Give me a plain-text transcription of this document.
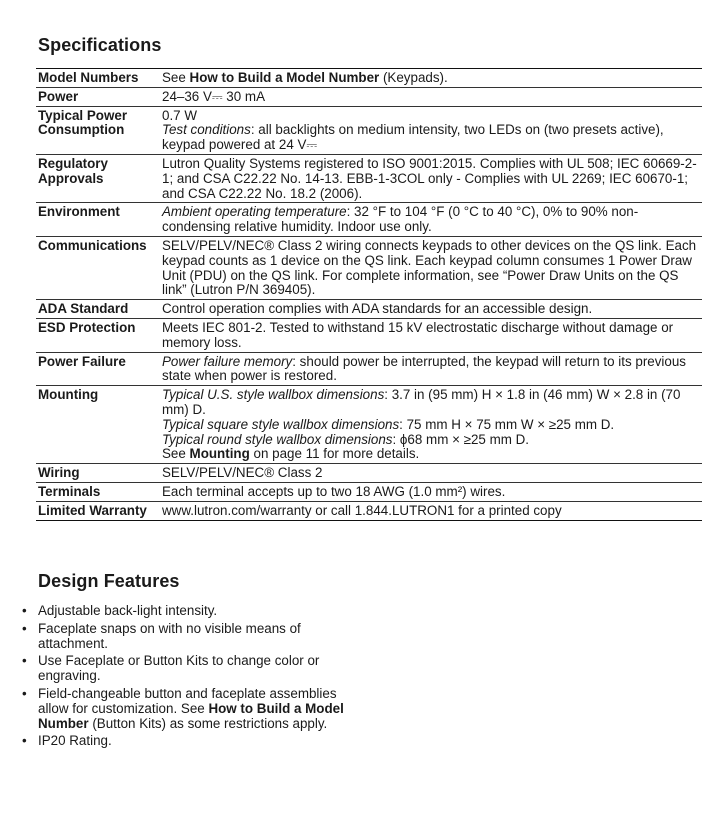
Specifications
Model Numbers	See How to Build a Model Number (Keypads).
Power	24–36 V⎓ 30 mA
Typical Power Consumption	0.7 W
Test conditions: all backlights on medium intensity, two LEDs on (two presets active), keypad powered at 24 V⎓
Regulatory Approvals	Lutron Quality Systems registered to ISO 9001:2015. Complies with UL 508; IEC 60669-2-1; and CSA C22.22 No. 14-13. EBB-1-3COL only - Complies with UL 2269; IEC 60670-1; and CSA C22.22 No. 18.2 (2006).
Environment	Ambient operating temperature: 32 °F to 104 °F (0 °C to 40 °C), 0% to 90% non-condensing relative humidity. Indoor use only.
Communications	SELV/PELV/NEC® Class 2 wiring connects keypads to other devices on the QS link. Each keypad counts as 1 device on the QS link. Each keypad column consumes 1 Power Draw Unit (PDU) on the QS link. For complete information, see “Power Draw Units on the QS link” (Lutron P/N 369405).
ADA Standard	Control operation complies with ADA standards for an accessible design.
ESD Protection	Meets IEC 801-2. Tested to withstand 15 kV electrostatic discharge without damage or memory loss.
Power Failure	Power failure memory: should power be interrupted, the keypad will return to its previous state when power is restored.
Mounting	Typical U.S. style wallbox dimensions: 3.7 in (95 mm) H × 1.8 in (46 mm) W × 2.8 in (70 mm) D.
Typical square style wallbox dimensions: 75 mm H × 75 mm W × ≥25 mm D.
Typical round style wallbox dimensions: ϕ68 mm × ≥25 mm D.
See Mounting on page 11 for more details.
Wiring	SELV/PELV/NEC® Class 2
Terminals	Each terminal accepts up to two 18 AWG (1.0 mm²) wires.
Limited Warranty	www.lutron.com/warranty or call 1.844.LUTRON1 for a printed copy
Design Features
• Adjustable back-light intensity.
• Faceplate snaps on with no visible means of attachment.
• Use Faceplate or Button Kits to change color or engraving.
• Field-changeable button and faceplate assemblies allow for customization. See How to Build a Model Number (Button Kits) as some restrictions apply.
• IP20 Rating.
